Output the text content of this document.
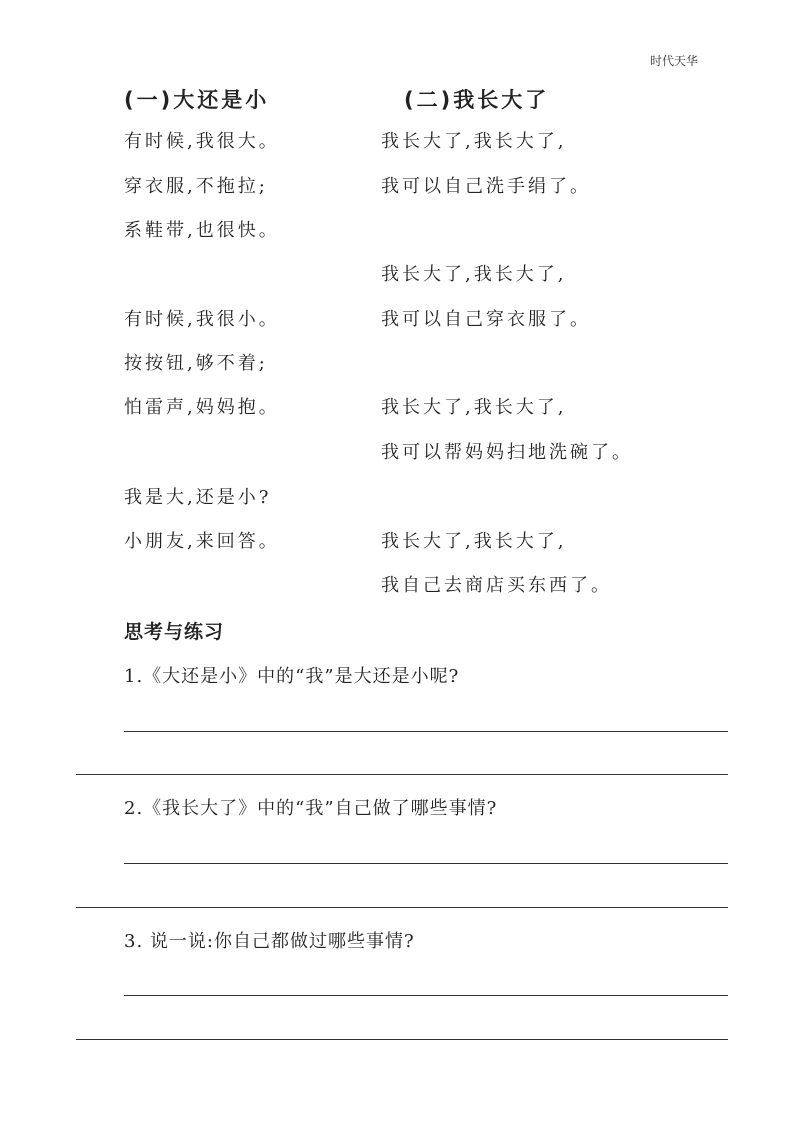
时代天华
(一)大还是小	(二)我长大了
有时候,我很大。
穿衣服,不拖拉;
系鞋带,也很快。
有时候,我很小。
按按钮,够不着;
怕雷声,妈妈抱。
我是大,还是小?
小朋友,来回答。
我长大了,我长大了,
我可以自己洗手绢了。
我长大了,我长大了,
我可以自己穿衣服了。
我长大了,我长大了,
我可以帮妈妈扫地洗碗了。
我长大了,我长大了,
我自己去商店买东西了。
思考与练习
1.《大还是小》中的“我”是大还是小呢?
2.《我长大了》中的“我”自己做了哪些事情?
3. 说一说:你自己都做过哪些事情?
